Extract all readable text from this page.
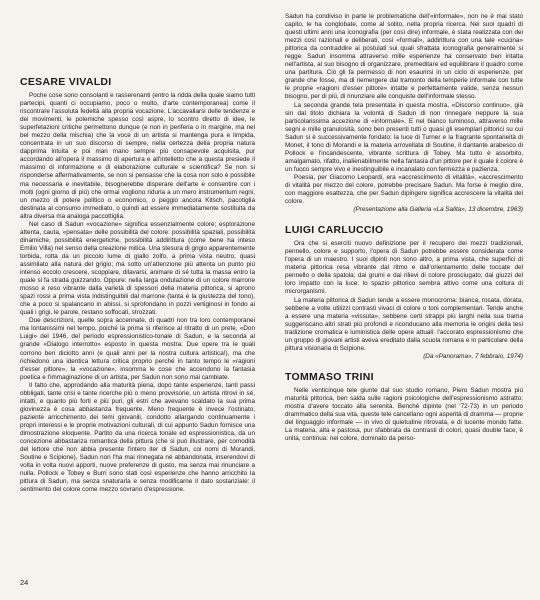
CESARE VIVALDI

Poche cose sono consolanti e rasserenanti (entro la ridda della quale siamo tutti partecipi, quanti ci occupiamo, poco o molto, d'arte contemporanea) come il riscontrare l'assoluta fedeltà alla propria vocazione. L'accavallarsi delle tendenze e dei movimenti, le polemiche spesso così aspre, lo scontro diretto di idee, le superfetazioni critiche permettono dunque (e non in periferia o in margine, ma nel bel mezzo della mischia) che la voce di un artista si mantenga pura e limpida, concentrata in un suo discorso di sempre, nella certezza della propria natura dapprima intuita e poi man mano sempre più consapevole acquisita, pur accordando all'opera il massimo di apertura e all'intelletto che a questa presiede il massimo di informazione e di elaborazione culturale e scientifica? Se non si risponderse affermativamente, se non si pensasse che la cosa non solo è possibile ma necessaria e inevitabile, bisognerebbe disperare dell'arte e consentire con i molti (ogni giorno di più) che ormai vogliono ridurla a un mero instrumentum regni, un mezzo di potere politico o economico, o peggio ancora Kitsch, pacotiglia destinata al consumo immediato, o quindi ad essere immediatamente sostituita da altra diversa ma analoga paccottiglia.

Nel caso di Sadun «vocazione» significa essenzialmente colore; esplorazione attenta, cauta, «pensata» delle possibilità del colore: possibilità spaziali, possibilità dinamiche, possibilità energetiche, possibilità addirittura (come bene ha inteso Emilio Villa) nel senso della creazione mitica. Una stesura di grigio apparentemente torbida, rotta da un piccolo lume di giallo zolfo, a prima vista neutro, quasi assimilato alla natura del grigio; ma sotto un'attenzione più attenta un punto più intenso eccolo crescere, scoppiare, dilavarsi, animare di sé tutta la massa entro la quale si fa strada guizzando. Oppure: nella larga ondulazione di un colore marrone mosso e reso vibrante dalla varietà di spessori della materia pittorica, si aprono spazi rossi a prima vista indistinguibili dal marrone (tanta è la giustezza del tono), che a poco si spalancano in abissi, si sprofondano in pozzi vertiginosi in fondo ai quali i grigi, le parole, restano soffocati, strozzati.

Due descrizioni, quelle sopra accennate, di quadri non tra loro contemporanei ma lontanissimi nel tempo, poiché la prima si riferisce al ritratto di un prete, «Don Luigi» del 1946, del periodo espressionistico-tonale di Sadun, e la seconda al grande «Dialogo interrotto» esposto in questa mostra. Due opere tra le quali corrono ben diciotto anni (e quali anni per la nostra cultura artistica!), ma che richiedono una identica lettura critica proprio perché in tanto tempo le «ragioni d'esser pittore», la «vocazione», insomma le cose che accendono la fantasia poetica e l'immaginazione di un artista, per Sadun non sono mai cambiate.

Il fatto che, approdando alla maturità piena, dopo tante esperienze, tanti passi obbligati, tante crisi e tante ricerche più o meno provvisorie, un artista ritrovi in sé, intatti, e quanto più forti e più puri, gli estri che avevano scaldato la sua prima giovinezza è cosa abbastanza frequente. Meno frequente è invece l'ostinato, paziente arricchimento dei temi giovanili, condotto allargando continuamente i propri interessi e le proprie motivazioni culturali, di cui appunto Sadun fornisce una dimostrazione eloquente. Partito da una ricerca tonale ed espressionistica, da un concezione abbastanza romantica della pittura (che si può illustrare, per comodità del lettore che non abbia presente l'intero iter di Sadun, coi nomi di Morandi, Soutine e Scipione), Sadun non l'ha mai rinnegata né abbandonata, inserendovi di volta in volta nuovi apporti, nuove preferenze di gusto, ma senza mai rinunciare a nulla. Pollock e Tobey e Burri sono stati così esperienze che hanno arricchito la pittura di Sadun, ma senza snaturarla e senza modificarne il dato sostanziale: il sentimento del colore come mezzo sovrano d'espressione.

Sadun ha condiviso in parte le problematiche dell'«informale», non ne è mai stato capito, le ha conglobate, come al solito, nella propria ricerca. Nei suoi quadri di questi ultimi anni una iconografia (per così dire) informale, è stata realizzata con dei mezzi così razionali e deliberati, così «formali», addirittura con una tale «cucina» pittorica da contraddire ai postulati sui quali sfrattata iconografia generalmente si regge. Sadun insomma attraverso mille esperienze ha conservato ben intatta nell'artista, al suo bisogno di organizzare, premeditare ed equilibrare il quadro come una partitura. Ciò gli fa permesso di non esaurirsi in un ciclo di esperienze, per grande che fosse, ma di riemergere dal tramonto della temperie informale con tutte le proprie «ragioni d'esser pittore» intatte e perfettamente valide, senza nessun bisogno, per di più, di rinunziare alle conquiste dell'informale stesso.

La seconda grande tela presentata in questa mostra, «Discorso continuo», già sin dal titolo dichiara la volontà di Sadun di non rinnegare neppure la sua particolarissima accezione di «informale». E nel bianco luminoso, attraverso mille segni e mille granulosità, sono ben presenti tutti o quasi gli esemplari pittorici su cui Sadun si è successivamente fondato: la luce di Turner e la fragrante spontaneità di Monet, il tono di Morandi e la materia arrovellata di Soutine, il dantante arabesco di Pollock e l'incandescente, vibrante scrittura di Tobey. Ma tutto è assorbito, amalgamato, rifatto, inalienabilmente nella fantasia d'un pittore per il quale il colore è un fuoco sempre vivo e inestinguibile e incanalato con fermezza e pazienza.

Poesia, per Giacomo Leopardi, era «accrescimento di vitalità», «accrescimento di vitalità per mezzo del colore, potrebbe precisare Sadun. Ma forse è meglio dire, con maggiore esattezza, che per Sadun dipingere significa accrescere la vitalità del colore.

(Presentazione alla Galleria «La Salita», 13 dicembre, 1963)

LUIGI CARLUCCIO

Ora che si eserciti nuovo definizione per il recupero dei mezzi tradizionali, pennello, colore e supporto, l'opera di Sadun potrebbe essere considerata come l'opera di un maestro. I suoi dipinti non sono altro, a prima vista, che superfici di materia pittorica resa vibrante dal ritmo e dall'orientamento delle toccate del pennello o della spatola; dai grumi e dai rilievi di colore prosciugato; dai giuzzi del loro impatto con la luce: lo spazio pittorico sembra attivo come una coltura di microrganismi.

La materia pittorica di Sadun tende a essere monocroma: bianca, rosata, dorata, sebbene a volte utilizzi contrasti vivaci di colore o toni complementari. Tende anche a essere una materia «vissuta», sebbene certi strappi più larghi nella sua trama suggeriscano altri strati più profondi e riconducano alla memoria le origini della tesi tradizione cromatica e luministica delle opere attuali: l'accorato espressionismo che un gruppo di giovani artisti aveva ereditato dalla scuola romana e in particolare della pittura visionaria di Scipione.

(Da «Panorama», 7 febbraio, 1974)

TOMMASO TRINI

Nelle venticinque tele giunte dal suo studio romano, Piero Sadun mostra più maturità pittorica, ben salda sulle ragioni psicologiche dell'espressionismo astratto: mostra d'avere toccato alla serenità. Benché dipinte (nel '72-73) in un periodo drammatico della sua vita, queste tele cancellano ogni asperità di dramma — proprie del linguaggio informale — in vivo di quietudine ritrovata, e di lucente mondo fatte. La materia, alta e pastosa, pur sfabbrata da contrasti di colori, quasi double face, è unita, continua: nel colore, dominato da perso-

24
